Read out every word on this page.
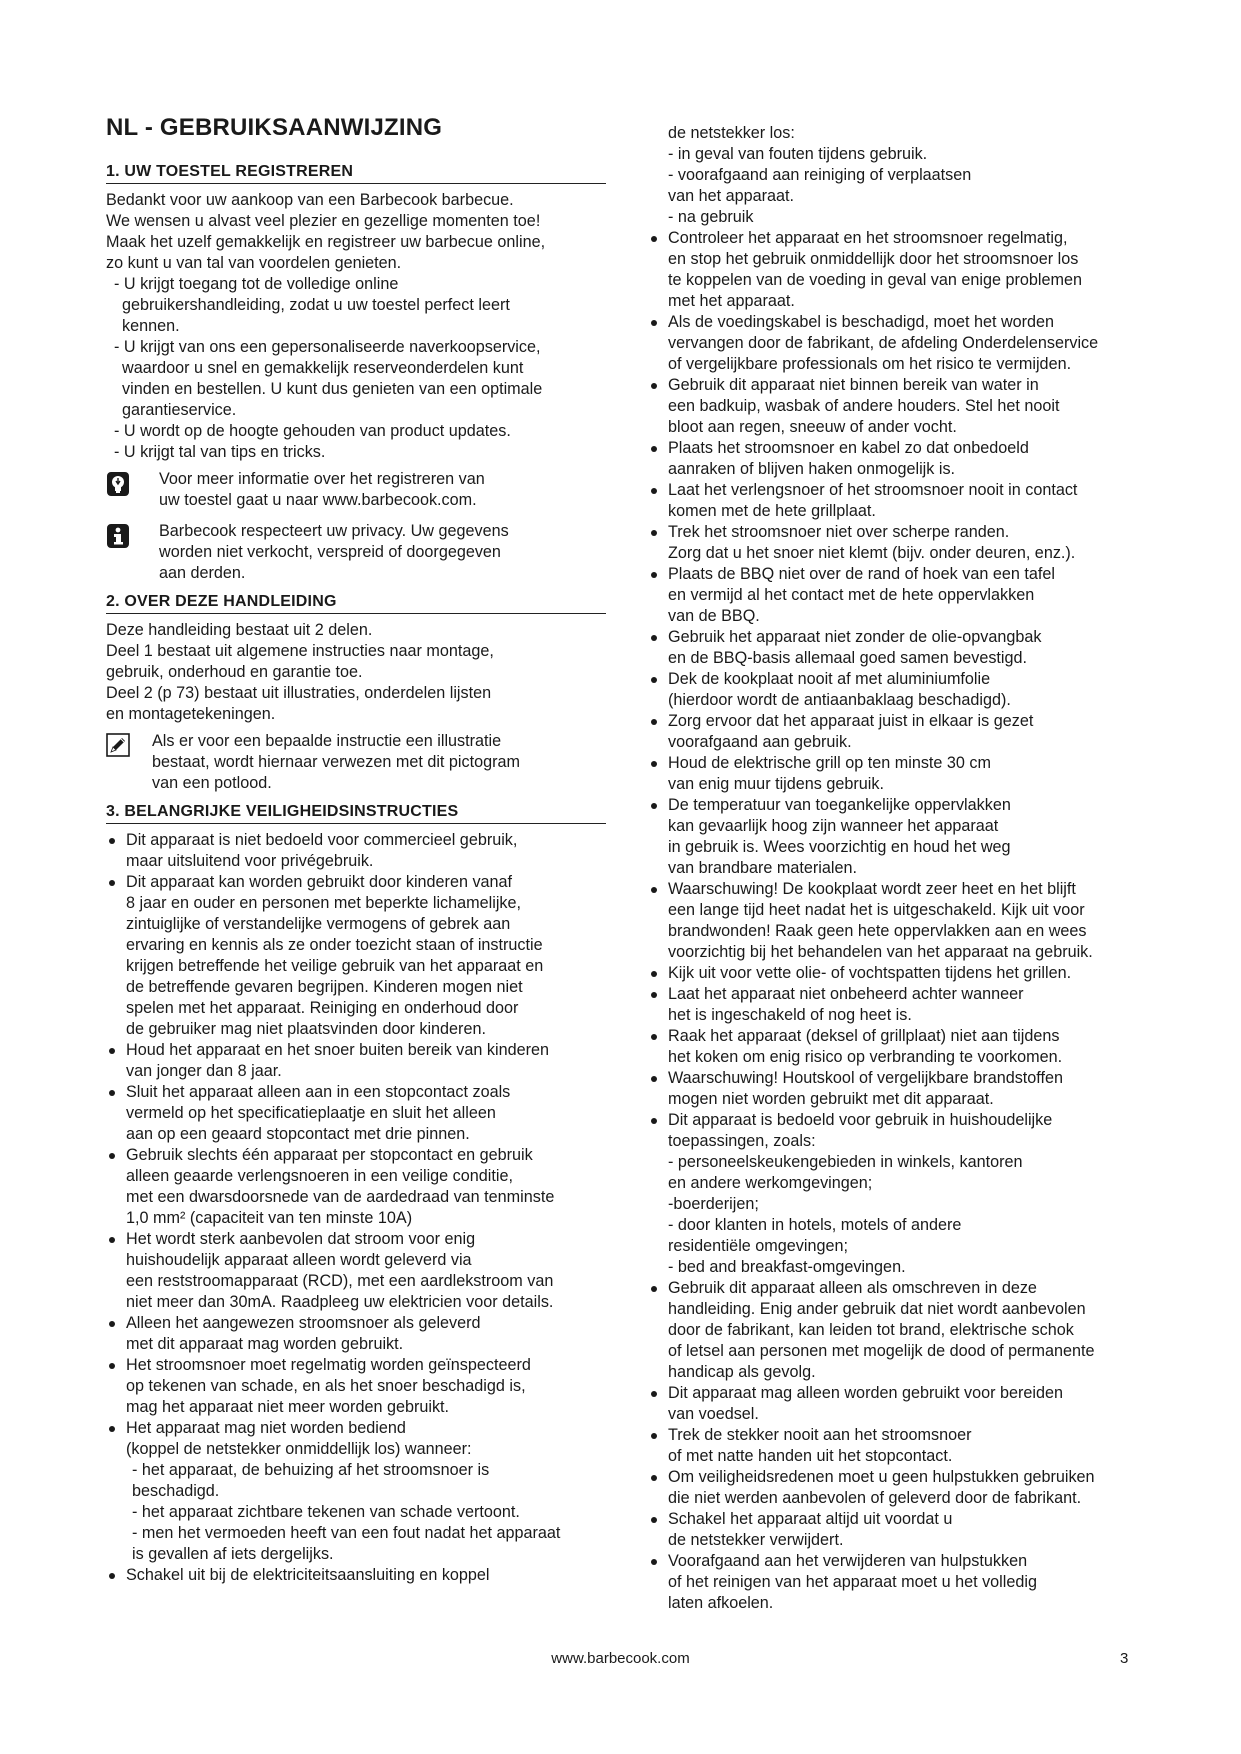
NL - GEBRUIKSAANWIJZING
1. UW TOESTEL REGISTREREN
Bedankt voor uw aankoop van een Barbecook barbecue.
We wensen u alvast veel plezier en gezellige momenten toe!
Maak het uzelf gemakkelijk en registreer uw barbecue online,
zo kunt u van tal van voordelen genieten.
- U krijgt toegang tot de volledige online
gebruikershandleiding, zodat u uw toestel perfect leert
kennen.
- U krijgt van ons een gepersonaliseerde naverkoopservice,
waardoor u snel en gemakkelijk reserveonderdelen kunt
vinden en bestellen. U kunt dus genieten van een optimale
garantieservice.
- U wordt op de hoogte gehouden van product updates.
- U krijgt tal van tips en tricks.
Voor meer informatie over het registreren van
uw toestel gaat u naar www.barbecook.com.
Barbecook respecteert uw privacy. Uw gegevens
worden niet verkocht, verspreid of doorgegeven
aan derden.
2. OVER DEZE HANDLEIDING
Deze handleiding bestaat uit 2 delen.
Deel 1 bestaat uit algemene instructies naar montage,
gebruik, onderhoud en garantie toe.
Deel 2 (p 73) bestaat uit illustraties, onderdelen lijsten
en montagetekeningen.
Als er voor een bepaalde instructie een illustratie
bestaat, wordt hiernaar verwezen met dit pictogram
van een potlood.
3. BELANGRIJKE VEILIGHEIDSINSTRUCTIES
Dit apparaat is niet bedoeld voor commercieel gebruik,
maar uitsluitend voor privégebruik.
Dit apparaat kan worden gebruikt door kinderen vanaf
8 jaar en ouder en personen met beperkte lichamelijke,
zintuiglijke of verstandelijke vermogens of gebrek aan
ervaring en kennis als ze onder toezicht staan of instructie
krijgen betreffende het veilige gebruik van het apparaat en
de betreffende gevaren begrijpen. Kinderen mogen niet
spelen met het apparaat. Reiniging en onderhoud door
de gebruiker mag niet plaatsvinden door kinderen.
Houd het apparaat en het snoer buiten bereik van kinderen
van jonger dan 8 jaar.
Sluit het apparaat alleen aan in een stopcontact zoals
vermeld op het specificatieplaatje en sluit het alleen
aan op een geaard stopcontact met drie pinnen.
Gebruik slechts één apparaat per stopcontact en gebruik
alleen geaarde verlengsnoeren in een veilige conditie,
met een dwarsdoorsnede van de aardedraad van tenminste
1,0 mm² (capaciteit van ten minste 10A)
Het wordt sterk aanbevolen dat stroom voor enig
huishoudelijk apparaat alleen wordt geleverd via
een reststroomapparaat (RCD), met een aardlekstroom van
niet meer dan 30mA. Raadpleeg uw elektricien voor details.
Alleen het aangewezen stroomsnoer als geleverd
met dit apparaat mag worden gebruikt.
Het stroomsnoer moet regelmatig worden geïnspecteerd
op tekenen van schade, en als het snoer beschadigd is,
mag het apparaat niet meer worden gebruikt.
Het apparaat mag niet worden bediend
(koppel de netstekker onmiddellijk los) wanneer:
- het apparaat, de behuizing af het stroomsnoer is
beschadigd.
- het apparaat zichtbare tekenen van schade vertoont.
- men het vermoeden heeft van een fout nadat het apparaat
is gevallen af iets dergelijks.
Schakel uit bij de elektriciteitsaansluiting en koppel
de netstekker los:
- in geval van fouten tijdens gebruik.
- voorafgaand aan reiniging of verplaatsen
van het apparaat.
- na gebruik
Controleer het apparaat en het stroomsnoer regelmatig,
en stop het gebruik onmiddellijk door het stroomsnoer los
te koppelen van de voeding in geval van enige problemen
met het apparaat.
Als de voedingskabel is beschadigd, moet het worden
vervangen door de fabrikant, de afdeling Onderdelenservice
of vergelijkbare professionals om het risico te vermijden.
Gebruik dit apparaat niet binnen bereik van water in
een badkuip, wasbak of andere houders. Stel het nooit
bloot aan regen, sneeuw of ander vocht.
Plaats het stroomsnoer en kabel zo dat onbedoeld
aanraken of blijven haken onmogelijk is.
Laat het verlengsnoer of het stroomsnoer nooit in contact
komen met de hete grillplaat.
Trek het stroomsnoer niet over scherpe randen.
Zorg dat u het snoer niet klemt (bijv. onder deuren, enz.).
Plaats de BBQ niet over de rand of hoek van een tafel
en vermijd al het contact met de hete oppervlakken
van de BBQ.
Gebruik het apparaat niet zonder de olie-opvangbak
en de BBQ-basis allemaal goed samen bevestigd.
Dek de kookplaat nooit af met aluminiumfolie
(hierdoor wordt de antiaanbaklaag beschadigd).
Zorg ervoor dat het apparaat juist in elkaar is gezet
voorafgaand aan gebruik.
Houd de elektrische grill op ten minste 30 cm
van enig muur tijdens gebruik.
De temperatuur van toegankelijke oppervlakken
kan gevaarlijk hoog zijn wanneer het apparaat
in gebruik is. Wees voorzichtig en houd het weg
van brandbare materialen.
Waarschuwing! De kookplaat wordt zeer heet en het blijft
een lange tijd heet nadat het is uitgeschakeld. Kijk uit voor
brandwonden! Raak geen hete oppervlakken aan en wees
voorzichtig bij het behandelen van het apparaat na gebruik.
Kijk uit voor vette olie- of vochtspatten tijdens het grillen.
Laat het apparaat niet onbeheerd achter wanneer
het is ingeschakeld of nog heet is.
Raak het apparaat (deksel of grillplaat) niet aan tijdens
het koken om enig risico op verbranding te voorkomen.
Waarschuwing! Houtskool of vergelijkbare brandstoffen
mogen niet worden gebruikt met dit apparaat.
Dit apparaat is bedoeld voor gebruik in huishoudelijke
toepassingen, zoals:
- personeelskeukengebieden in winkels, kantoren
en andere werkomgevingen;
-boerderijen;
- door klanten in hotels, motels of andere
residentiële omgevingen;
- bed and breakfast-omgevingen.
Gebruik dit apparaat alleen als omschreven in deze
handleiding. Enig ander gebruik dat niet wordt aanbevolen
door de fabrikant, kan leiden tot brand, elektrische schok
of letsel aan personen met mogelijk de dood of permanente
handicap als gevolg.
Dit apparaat mag alleen worden gebruikt voor bereiden
van voedsel.
Trek de stekker nooit aan het stroomsnoer
of met natte handen uit het stopcontact.
Om veiligheidsredenen moet u geen hulpstukken gebruiken
die niet werden aanbevolen of geleverd door de fabrikant.
Schakel het apparaat altijd uit voordat u
de netstekker verwijdert.
Voorafgaand aan het verwijderen van hulpstukken
of het reinigen van het apparaat moet u het volledig
laten afkoelen.
www.barbecook.com	3
